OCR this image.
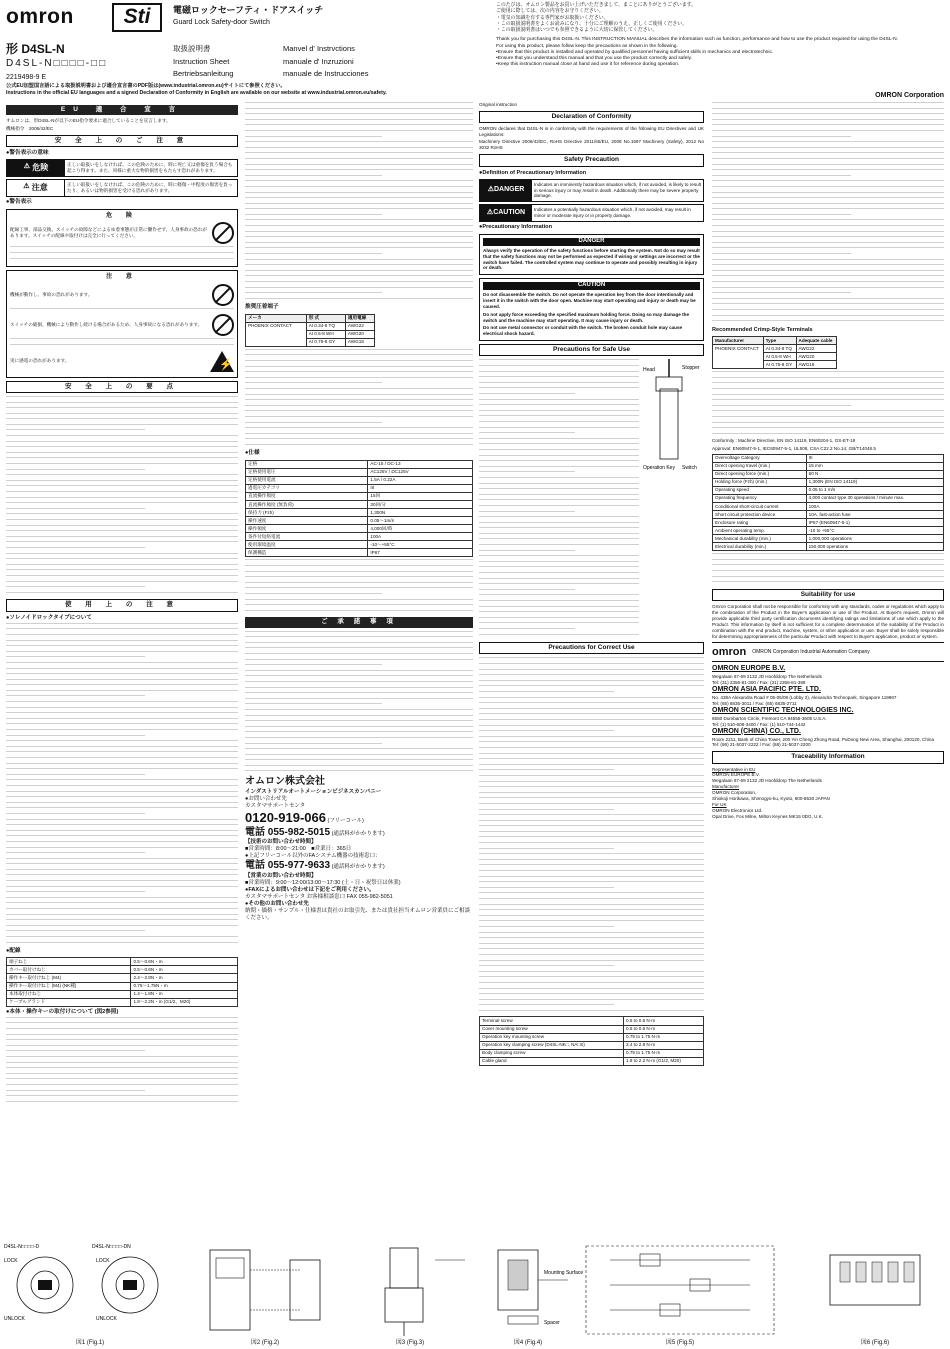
omron	Sti	電磁ロックセーフティ・ドアスイッチ
Guard Lock Safety-door Switch
取扱説明書	Manvel d' Instrvctions
Instruction Sheet	manuale d' Inzruzioni
Bertriebsanleitung	manuale de Instrucciones
形 D4SL-N
D4SL-N□□□□-□□
2219498-9 E
公式EU加盟国言語による取扱説明書および適合宣言書のPDF版は(www.industrial.omron.eu)サイトにて参照ください。
Instructions in the official EU languages and a signed Declaration of Conformity in English are available on our website at www.industrial.omron.eu/safety.
このたびは、オムロン製品をお買い上げいただきまして、まことにありがとうございます。
ご使用に際しては、次の内容をお守りください。
・電気の知識を有する専門家がお取扱いください。
・この取扱説明書をよくお読みになり、十分にご理解のうえ、正しくご使用ください。
・この取扱説明書はいつでも参照できるように大切に保管してください。
Thank you for purchasing this D4SL-N. This INSTRUCTION MANUAL describes the information such as function, performance and how to use the product required for using the D4SL-N.
For using this product, please follow keep the precautions as shown in the following.
•Ensure that this product is installed and operated by qualified personnel having sufficient skills in mechanics and electrotechnic.
•Ensure that you understand this manual and that you use the product correctly and safely.
•Keep this instruction manual close at hand and use it for reference during operation.
OMRON Corporation
EU 適 合 宣 言

オムロンは、形D4SL-Nが以下のEU指令要求に適合していることを宣言します。

機械指令　2006/42/EC

安 全 上 の ご 注 意
●警告表示の意味
⚠
危険	正しい取扱いをしなければ、この危険のために、時に死亡又は重傷を負う場合も起こり得ます。また、同様に重大な物的損害をもたらす恐れがあります。
⚠
注意	正しい取扱いをしなければ、この危険のために、時に軽傷・中程度の傷害を負ったり、あるいは物的損害を受ける恐れがあります。
●警告表示
危 険
配線工事、部品交換、スイッチの故障などによるゆ着事態が正常に働作せず、人身事故の恐れがあります。スイッチの配線や取付けは完全に行ってください。
注 意
機械が動作し、事故の恐れがあります。
スイッチの破損、機械により動作し続ける場合があるため、人身事故になる恐れがあります。
実に感電の恐れがあります。	⚡
安 全 上 の 要 点
使 用 上 の 注 意
●ソレノイドロックタイプについて
●配線
端子ねじ	0.5〜0.6N・m
カバー取付けねじ	0.5〜0.6N・m
操作キー取付けねじ (M4)	2.4〜2.8N・m
操作キー取付けねじ (M4) (NK種)	0.75〜1.75N・m
本体取付けねじ	1.4〜1.8N・m
ケーブルグランド	1.8〜2.2N・m (G1/2、M20)
●本体・操作キーの取付けについて (図2参照)
推奨圧着端子
メーカ	形 式	適用電線
PHOENIX CONTACT	AI 0.34-8 TQ	AWG22
	AI 0.5-8 WH	AWG20
	AI 0.75-8 GY	AWG18
●仕様
定格	AC-15 / DC-13
定格使用電圧	AC125V / DC125V
定格使用電流	1.5A / 0.22A
過電圧カテゴリ	III
直流操作頻度	15回
直流操作頻度 (無負荷)	30回/分
保持力 (Fzh)	1,300N
操作速度	0.05〜1m/s
操作頻度	4,000回/時
条件付短絡電流	100A
使用環境温度	-10〜+55°C
保護構造	IP67
ご 承 諾 事 項
オムロン株式会社
インダストリアルオートメーションビジネスカンパニー
●お問い合わせ先
カスタマサポートセンタ
0120-919-066 (フリーコール)
電話 055-982-5015 (通話料がかかります)
【技術のお問い合わせ時間】
■営業時間：8:00〜21:00　■営業日：365日
●上記フリーコール以外のFAシステム機器の技術窓口：
電話 055-977-9633 (通話料がかかります)
【営業のお問い合わせ時間】
■営業時間：9:00〜12:00/13:00〜17:30 (土・日・祝祭日は休業)
●FAXによるお問い合わせは下記をご利用ください。
カスタマサポートセンタ お客様相談窓口 FAX 055-982-5051
●その他のお問い合わせ先
納期・価格・サンプル・仕様書は貴社のお取引先、または貴社担当オムロン営業員にご相談ください。
Original instruction
Declaration of Conformity

OMRON declares that D4SL-N is in conformity with the requirements of the following EU Directives and UK Legislations:

Machinery Directive 2006/42/EC, RoHS Directive 2011/65/EU, 2008 No.1597 Machinery (Safety), 2012 No 3032 RoHS

Safety Precaution
●Definition of Precautionary Information
⚠ DANGER
Indicates an imminently hazardous situation which, if not avoided, is likely to result in serious injury or may result in death. Additionally there may be severe property damage.
⚠ CAUTION	Indicates a potentially hazardous situation which, if not avoided, may result in minor or moderate injury or in property damage.
●Precautionary Information
DANGER
Always verify the operation of the safety functions before starting the system. Not do so may result that the safety functions may not be performed as expected if wiring or settings are incorrect or the switch have failed. The controlled system may continue to operate and possibly resulting in injury or death.
CAUTION
Do not disassemble the switch. Do not operate the operation key from the door intentionally and insert it in the switch with the door open. Machine may start operating and injury or death may be caused.
Do not apply force exceeding the specified maximum holding force. Doing so may damage the switch and the machine may start operating. It may cause injury or death.
Do not use metal connector or conduit with the switch. The broken conduit hole may cause electrical shock hazard.
Precautions for Safe Use
Head	Stopper
Operation Key Switch
Precautions for Correct Use
Terminal screw	0.5 to 0.6 N·m
Cover mounting screw	0.5 to 0.6 N·m
Operation key mounting screw	0.75 to 1.75 N·m
Operation key clamping screw (D4SL-NK□, NA□S)	2.4 to 2.8 N·m
Body clamping screw	0.75 to 1.75 N·m
Cable gland	1.8 to 2.2 N·m (G1/2, M20)
Recommended Crimp-Style Terminals
Manufacturer	Type	Adequate cable
PHOENIX CONTACT	AI 0.34-8 TQ	AWG22
	AI 0.5-8 WH	AWG20
	AI 0.75-8 GY	AWG18

Conformity : Machine Directive, EN ISO 14119, EN60204-1, GS-ET-19

Approval: EN60947-5-1, IEC60947-5-1, UL508, CSA C22.2 No.14, GB/T14048.5

Overvoltage Category	III
Direct opening travel (min.)	15 mm
Direct opening force (min.)	60 N
Holding force (Fzh) (min.)	1,300N (EN ISO 14119)
Operating speed	0.05 to 1 m/s
Operating frequency	4,000 contact type 30 operations / minute max.
Conditional short-circuit current	100A
Short circuit protection device	10A, fast-action fuse
Enclosure rating	IP67 (EN60947-5-1)
Ambient operating temp.	-10 to +55°C
Mechanical durability (min.)	1,000,000 operations
Electrical durability (min.)	150,000 operations
Suitability for use

Omron Corporation shall not be responsible for conformity with any standards, codes or regulations which apply to the combination of the Product in the Buyer's application or use of the Product. At Buyer's request, Omron will provide applicable third party certification documents identifying ratings and limitations of use which apply to the Product. This information by itself is not sufficient for a complete determination of the suitability of the Product in combination with the end product, machine, system, or other application or use. Buyer shall be solely responsible for determining appropriateness of the particular Product with respect to Buyer's application, product or system.

omron OMRON Corporation Industrial Automation Company
OMRON EUROPE B.V.
Wegalaan 67-69 2132 JD Hoofddorp The Netherlands
Tel: (31) 2356-81-300 / Fax: (31) 2356-81-388
OMRON ASIA PACIFIC PTE. LTD.
No. 438A Alexandra Road # 05-05/08 (Lobby 2), Alexandra Technopark, Singapore 119967
Tel: (65) 6835-3011 / Fax: (65) 6835-2711
OMRON SCIENTIFIC TECHNOLOGIES INC.
6550 Dumbarton Circle, Fremont CA 94555-3605 U.S.A.
Tel: (1) 510-608-3400 / Fax: (1) 510-744-1442
OMRON (CHINA) CO., LTD.
Room 2211, Bank of China Tower, 200 Yin Cheng Zhong Road, PuDong New Area, Shanghai, 200120, China
Tel: (86) 21-5037-2222 / Fax: (86) 21-5037-2200
Traceability Information
Representative in EU
OMRON EUROPE B.V.
Wegalaan 67-69 2132 JD Hoofddorp The Netherlands
Manufacturer
OMRON Corporation,
Shiokoji Horikawa, Shimogyo-ku, Kyoto, 600-8530 JAPAN
For UK
OMRON Electronics Ltd.
Opal Drive, Fox Milne, Milton Keynes MK15 0DG, U.K.
D4SL-N□□□□-D	D4SL-N□□□□-DN
LOCK
UNLOCK
LOCK
UNLOCK
図1 (Fig.1)	図2 (Fig.2)	図3 (Fig.3)
Mounting Surface
Spacer
図4 (Fig.4)	図5 (Fig.5)	図6 (Fig.6)
